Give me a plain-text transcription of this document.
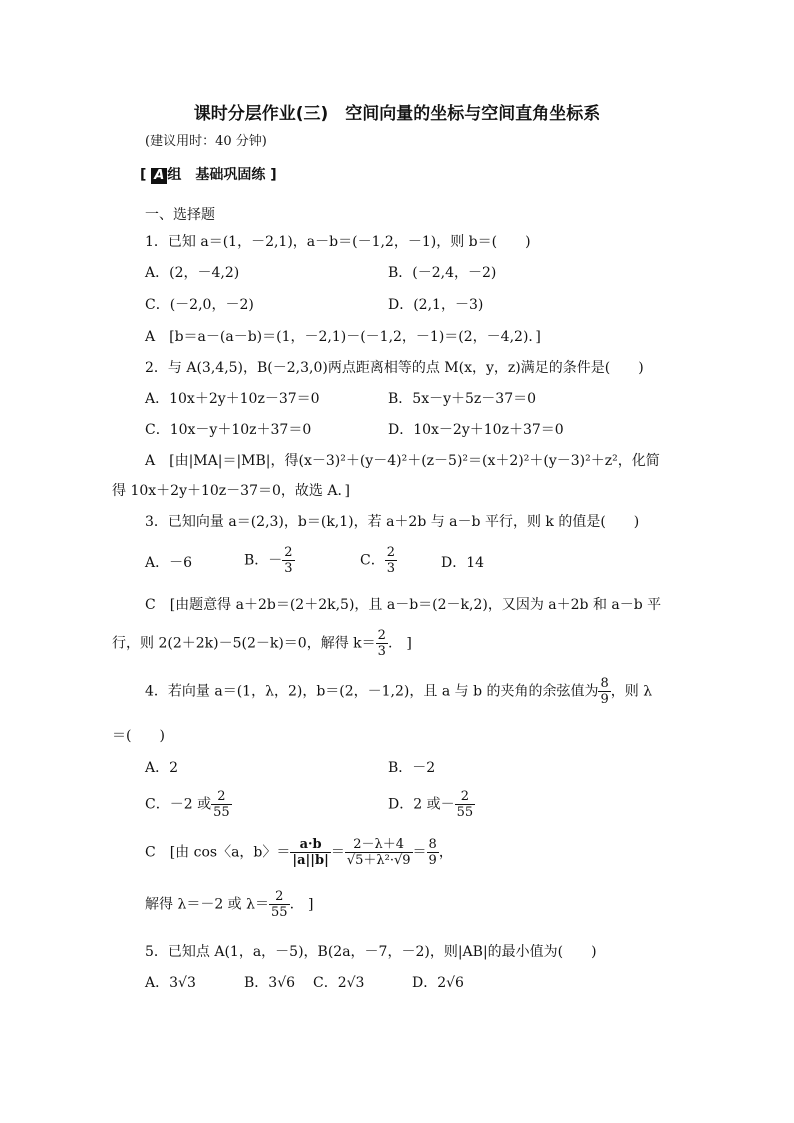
课时分层作业(三)　空间向量的坐标与空间直角坐标系
(建议用时：40 分钟)
[ A 组　基础巩固练 ]
一、选择题
1．已知 a＝(1，－2,1)，a－b＝(－1,2，－1)，则 b＝(　　)
A．(2，－4,2)	B．(－2,4，－2)
C．(－2,0，－2)	D．(2,1，－3)
A　[b＝a－(a－b)＝(1，－2,1)－(－1,2，－1)＝(2，－4,2)．]
2．与 A(3,4,5)，B(－2,3,0)两点距离相等的点 M(x，y，z)满足的条件是(　　)
A．10x＋2y＋10z－37＝0	B．5x－y＋5z－37＝0
C．10x－y＋10z＋37＝0	D．10x－2y＋10z＋37＝0
A　[由|MA|＝|MB|，得(x－3)²＋(y－4)²＋(z－5)²＝(x＋2)²＋(y－3)²＋z²，化简
得 10x＋2y＋10z－37＝0，故选 A．]
3．已知向量 a＝(2,3)，b＝(k,1)，若 a＋2b 与 a－b 平行，则 k 的值是(　　)
A．－6	B．－ $\frac{2}{3}$	C． $\frac{2}{3}$	D．14
C　[由题意得 a＋2b＝(2＋2k,5)，且 a－b＝(2－k,2)，又因为 a＋2b 和 a－b 平
行，则 2(2＋2k)－5(2－k)＝0，解得 $k= \frac{2}{3}$ .　]
4．若向量 a＝(1，λ，2)，b＝(2，－1,2)，且 a 与 b 的夹角的余弦值为 $\frac{8}{9}$ ，则 λ
＝(　　)
A．2	B．－2
C．－2 或 $\frac{2}{55}$	D．2 或－ $\frac{2}{55}$
C　[由 cos〈a，b〉＝ $\frac{a\cdot b}{|a||b|} = \frac{2-\lambda+4}{\text{√5＋λ²·√9}} = \frac{8}{9}$ ，
解得 λ＝－2 或 $\lambda= \frac{2}{55}$ .　]
5．已知点 A(1，a，－5)，B(2a，－7，－2)，则|AB|的最小值为(　　)
A．3√3	B．3√6 C．2√3	D．2√6
